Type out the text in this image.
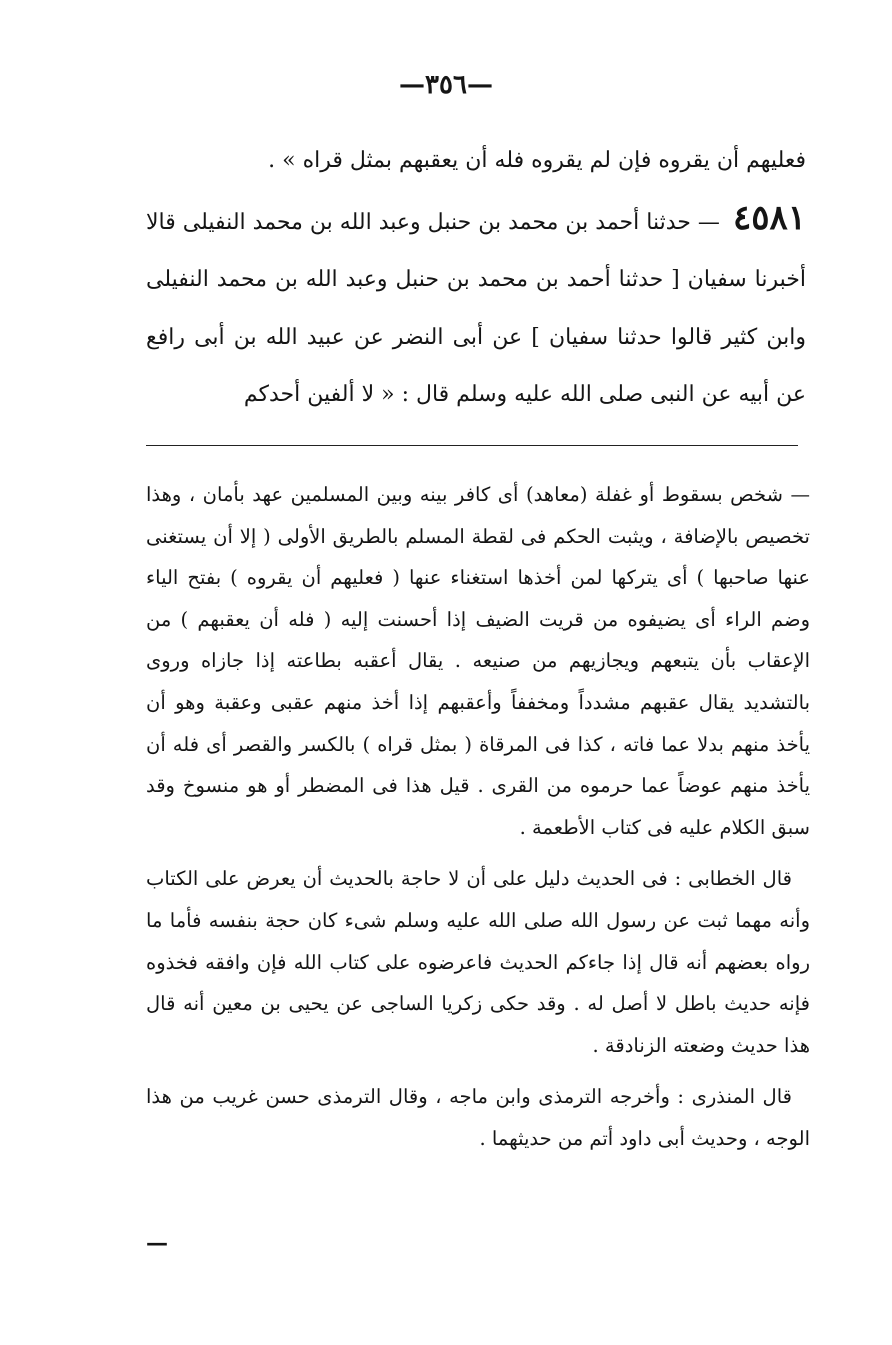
—٣٥٦—

فعليهم أن يقروه فإن لم يقروه فله أن يعقبهم بمثل قراه » .

٤٥٨١ — حدثنا أحمد بن محمد بن حنبل وعبد الله بن محمد النفيلى قالا أخبرنا سفيان [ حدثنا أحمد بن محمد بن حنبل وعبد الله بن محمد النفيلى وابن كثير قالوا حدثنا سفيان ] عن أبى النضر عن عبيد الله بن أبى رافع عن أبيه عن النبى صلى الله عليه وسلم قال : « لا ألفين أحدكم

— شخص بسقوط أو غفلة (معاهد) أى كافر بينه وبين المسلمين عهد بأمان ، وهذا تخصيص بالإضافة ، ويثبت الحكم فى لقطة المسلم بالطريق الأولى ( إلا أن يستغنى عنها صاحبها ) أى يتركها لمن أخذها استغناء عنها ( فعليهم أن يقروه ) بفتح الياء وضم الراء أى يضيفوه من قريت الضيف إذا أحسنت إليه ( فله أن يعقبهم ) من الإعقاب بأن يتبعهم ويجازيهم من صنيعه . يقال أعقبه بطاعته إذا جازاه وروى بالتشديد يقال عقبهم مشدداً ومخففاً وأعقبهم إذا أخذ منهم عقبى وعقبة وهو أن يأخذ منهم بدلا عما فاته ، كذا فى المرقاة ( بمثل قراه ) بالكسر والقصر أى فله أن يأخذ منهم عوضاً عما حرموه من القرى . قيل هذا فى المضطر أو هو منسوخ وقد سبق الكلام عليه فى كتاب الأطعمة .

قال الخطابى : فى الحديث دليل على أن لا حاجة بالحديث أن يعرض على الكتاب وأنه مهما ثبت عن رسول الله صلى الله عليه وسلم شىء كان حجة بنفسه فأما ما رواه بعضهم أنه قال إذا جاءكم الحديث فاعرضوه على كتاب الله فإن وافقه فخذوه فإنه حديث باطل لا أصل له . وقد حكى زكريا الساجى عن يحيى بن معين أنه قال هذا حديث وضعته الزنادقة .

قال المنذرى : وأخرجه الترمذى وابن ماجه ، وقال الترمذى حسن غريب من هذا الوجه ، وحديث أبى داود أتم من حديثهما .

—
